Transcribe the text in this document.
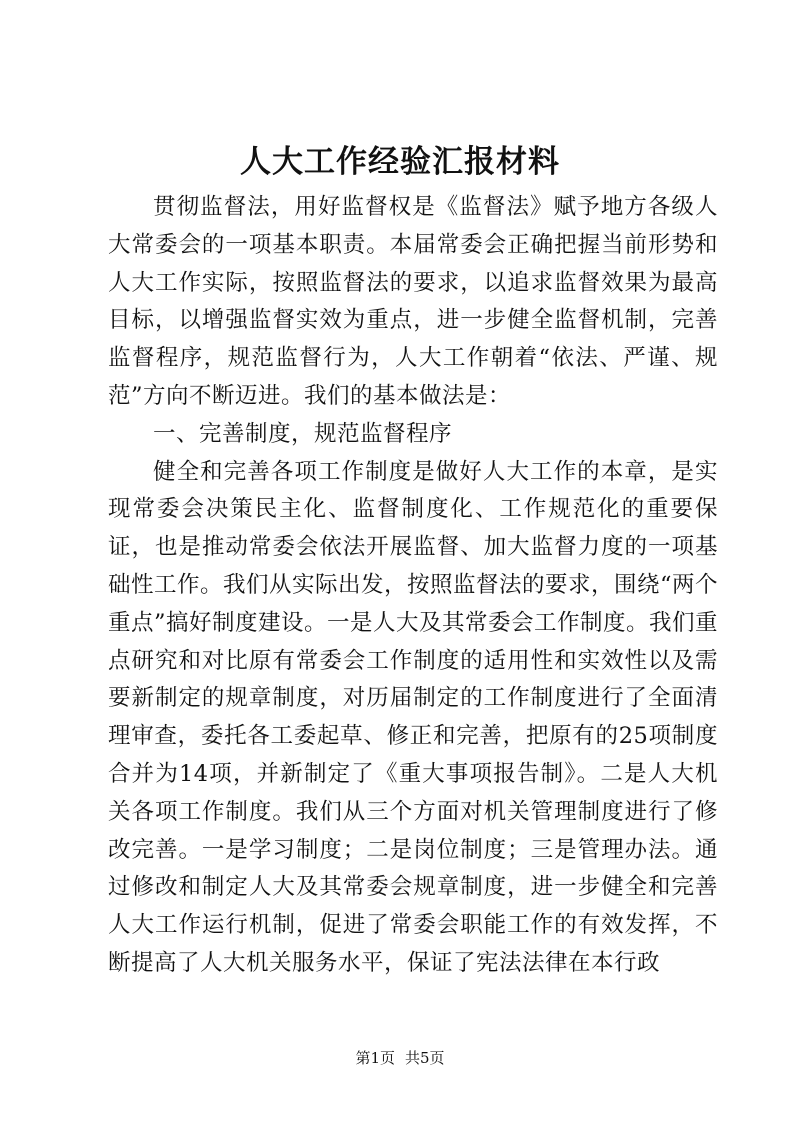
人大工作经验汇报材料

贯彻监督法，用好监督权是《监督法》赋予地方各级人大常委会的一项基本职责。本届常委会正确把握当前形势和人大工作实际，按照监督法的要求，以追求监督效果为最高目标，以增强监督实效为重点，进一步健全监督机制，完善监督程序，规范监督行为，人大工作朝着“依法、严谨、规范”方向不断迈进。我们的基本做法是：

一、完善制度，规范监督程序

健全和完善各项工作制度是做好人大工作的本章，是实现常委会决策民主化、监督制度化、工作规范化的重要保证，也是推动常委会依法开展监督、加大监督力度的一项基础性工作。我们从实际出发，按照监督法的要求，围绕“两个重点”搞好制度建设。一是人大及其常委会工作制度。我们重点研究和对比原有常委会工作制度的适用性和实效性以及需要新制定的规章制度，对历届制定的工作制度进行了全面清理审查，委托各工委起草、修正和完善，把原有的25项制度合并为14项，并新制定了《重大事项报告制》。二是人大机关各项工作制度。我们从三个方面对机关管理制度进行了修改完善。一是学习制度；二是岗位制度；三是管理办法。通过修改和制定人大及其常委会规章制度，进一步健全和完善人大工作运行机制，促进了常委会职能工作的有效发挥，不断提高了人大机关服务水平，保证了宪法法律在本行政

第1页 共5页
